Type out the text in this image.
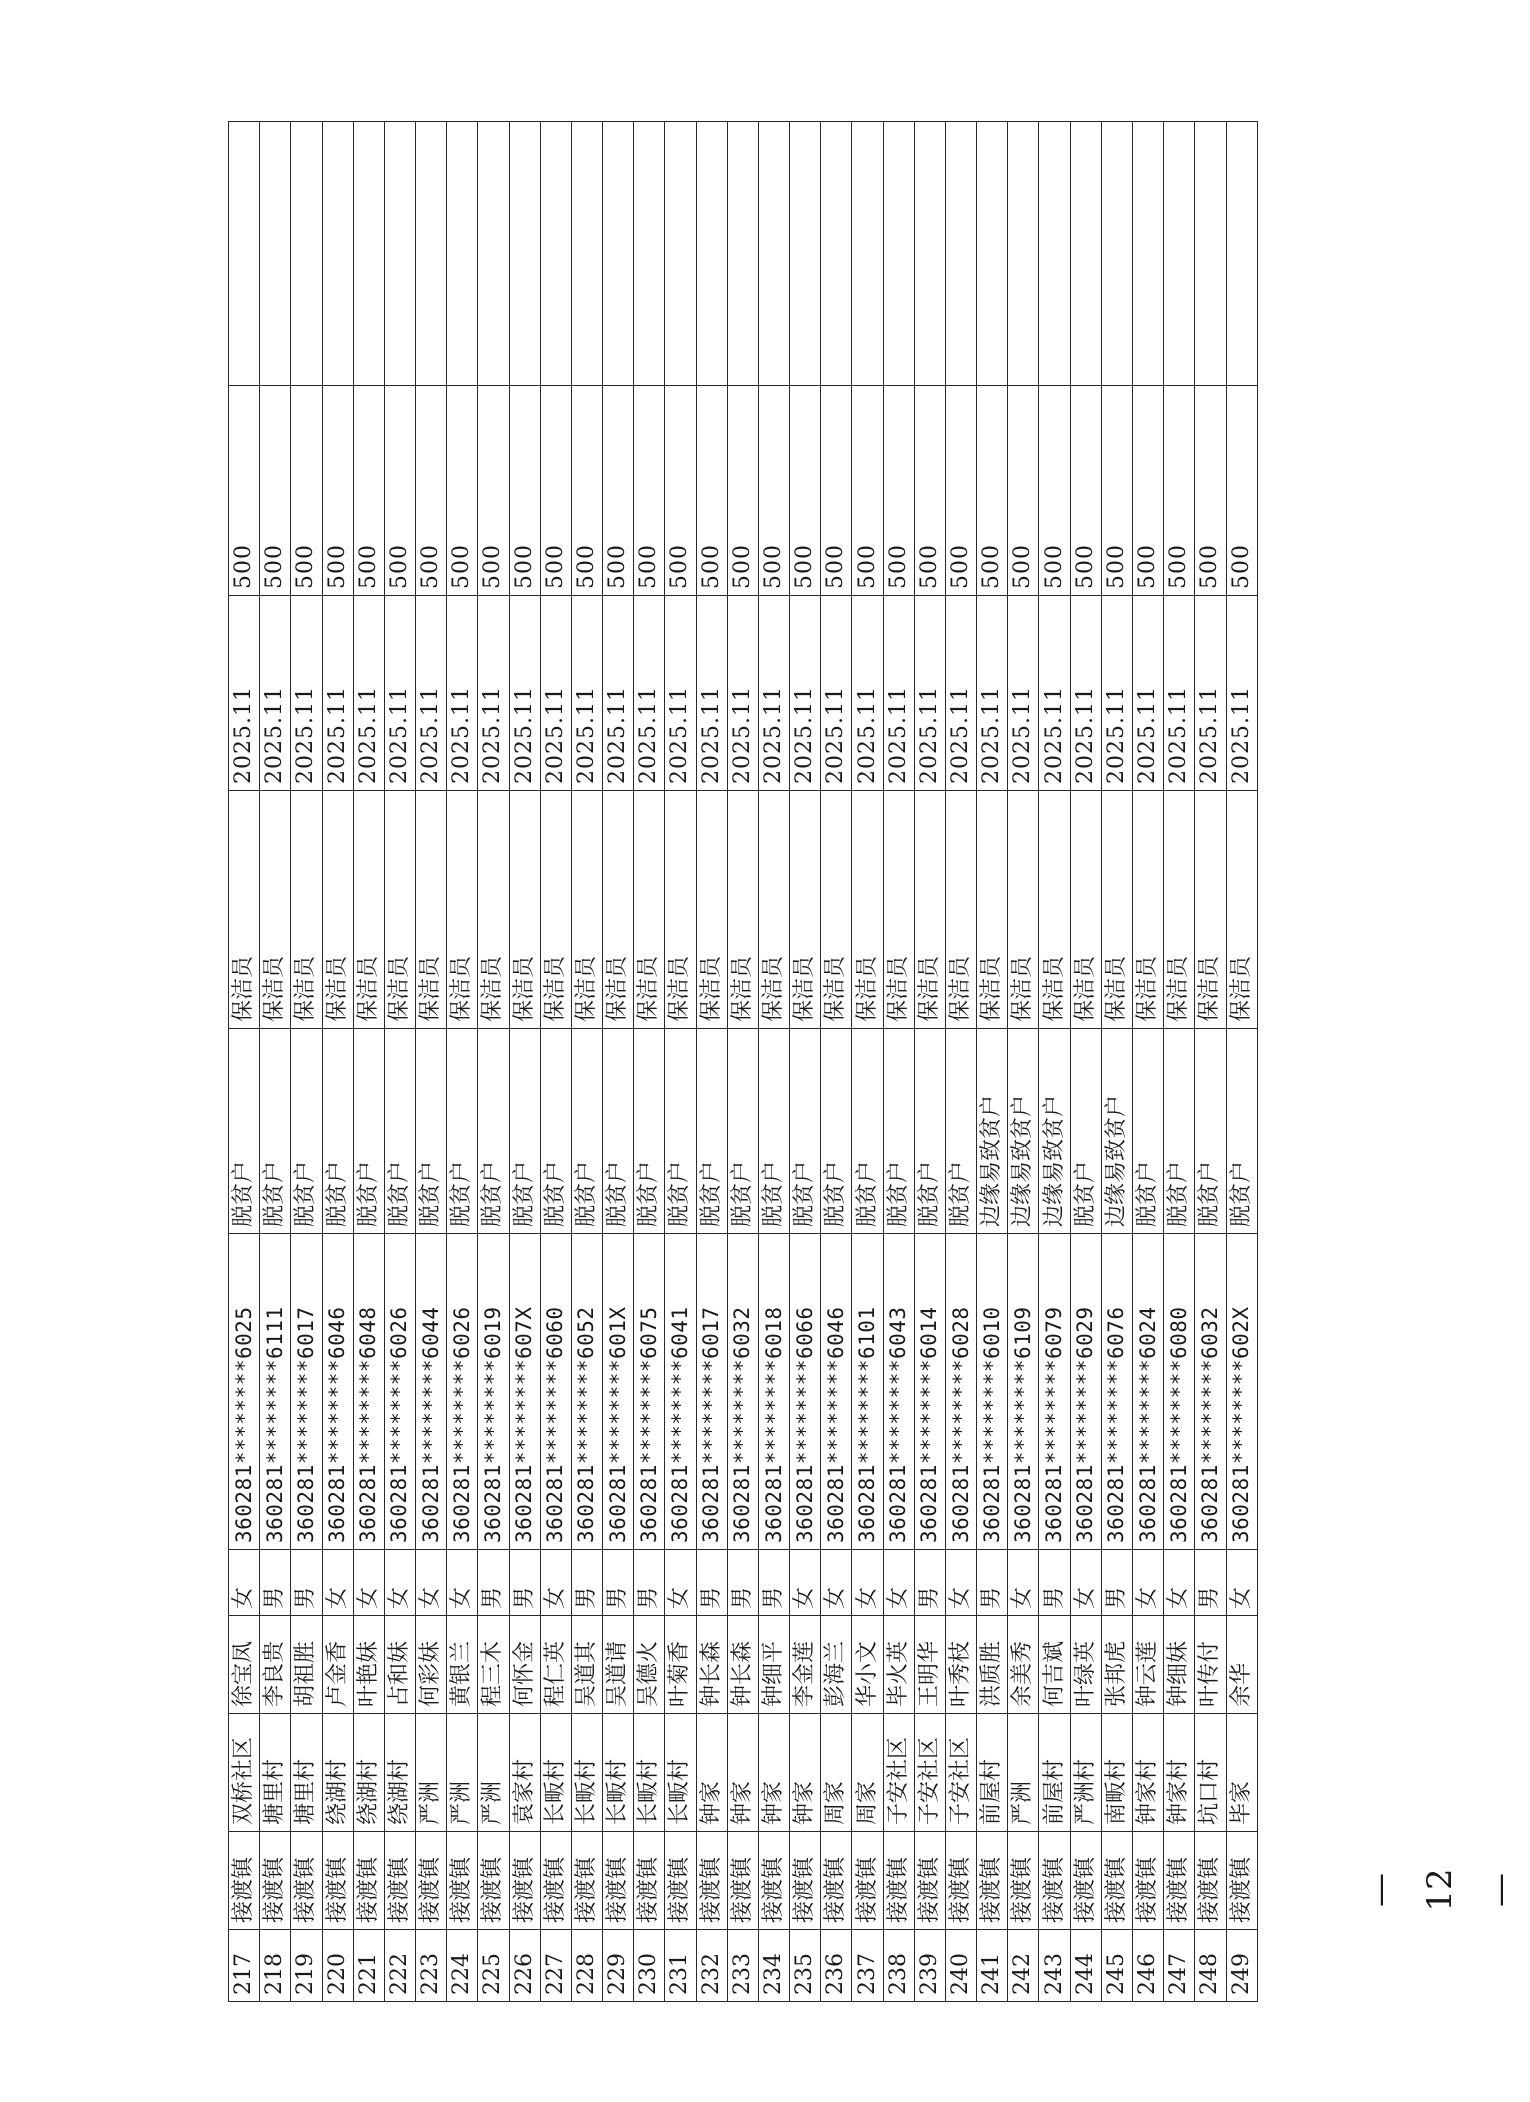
217	接渡镇	双桥社区	徐宝凤	女	360281********6025	脱贫户	保洁员	2025.11	500	
218	接渡镇	塘里村	李良贵	男	360281********6111	脱贫户	保洁员	2025.11	500	
219	接渡镇	塘里村	胡祖胜	男	360281********6017	脱贫户	保洁员	2025.11	500	
220	接渡镇	绕湖村	卢金香	女	360281********6046	脱贫户	保洁员	2025.11	500	
221	接渡镇	绕湖村	叶艳妹	女	360281********6048	脱贫户	保洁员	2025.11	500	
222	接渡镇	绕湖村	占和妹	女	360281********6026	脱贫户	保洁员	2025.11	500	
223	接渡镇	严洲	何彩妹	女	360281********6044	脱贫户	保洁员	2025.11	500	
224	接渡镇	严洲	黄银兰	女	360281********6026	脱贫户	保洁员	2025.11	500	
225	接渡镇	严洲	程三木	男	360281********6019	脱贫户	保洁员	2025.11	500	
226	接渡镇	袁家村	何怀金	男	360281********607X	脱贫户	保洁员	2025.11	500	
227	接渡镇	长畈村	程仁英	女	360281********6060	脱贫户	保洁员	2025.11	500	
228	接渡镇	长畈村	吴道其	男	360281********6052	脱贫户	保洁员	2025.11	500	
229	接渡镇	长畈村	吴道请	男	360281********601X	脱贫户	保洁员	2025.11	500	
230	接渡镇	长畈村	吴德火	男	360281********6075	脱贫户	保洁员	2025.11	500	
231	接渡镇	长畈村	叶菊香	女	360281********6041	脱贫户	保洁员	2025.11	500	
232	接渡镇	钟家	钟长森	男	360281********6017	脱贫户	保洁员	2025.11	500	
233	接渡镇	钟家	钟长森	男	360281********6032	脱贫户	保洁员	2025.11	500	
234	接渡镇	钟家	钟细平	男	360281********6018	脱贫户	保洁员	2025.11	500	
235	接渡镇	钟家	李金莲	女	360281********6066	脱贫户	保洁员	2025.11	500	
236	接渡镇	周家	彭海兰	女	360281********6046	脱贫户	保洁员	2025.11	500	
237	接渡镇	周家	华小文	女	360281********6101	脱贫户	保洁员	2025.11	500	
238	接渡镇	子安社区	毕火英	女	360281********6043	脱贫户	保洁员	2025.11	500	
239	接渡镇	子安社区	王明华	男	360281********6014	脱贫户	保洁员	2025.11	500	
240	接渡镇	子安社区	叶秀枝	女	360281********6028	脱贫户	保洁员	2025.11	500	
241	接渡镇	前屋村	洪质胜	男	360281********6010	边缘易致贫户	保洁员	2025.11	500	
242	接渡镇	严洲	余美秀	女	360281********6109	边缘易致贫户	保洁员	2025.11	500	
243	接渡镇	前屋村	何吉斌	男	360281********6079	边缘易致贫户	保洁员	2025.11	500	
244	接渡镇	严洲村	叶绿英	女	360281********6029	脱贫户	保洁员	2025.11	500	
245	接渡镇	南畈村	张邦虎	男	360281********6076	边缘易致贫户	保洁员	2025.11	500	
246	接渡镇	钟家村	钟云莲	女	360281********6024	脱贫户	保洁员	2025.11	500	
247	接渡镇	钟家村	钟细妹	女	360281********6080	脱贫户	保洁员	2025.11	500	
248	接渡镇	坑口村	叶传付	男	360281********6032	脱贫户	保洁员	2025.11	500	
249	接渡镇	毕家	余华	女	360281********602X	脱贫户	保洁员	2025.11	500	
— 12 —
